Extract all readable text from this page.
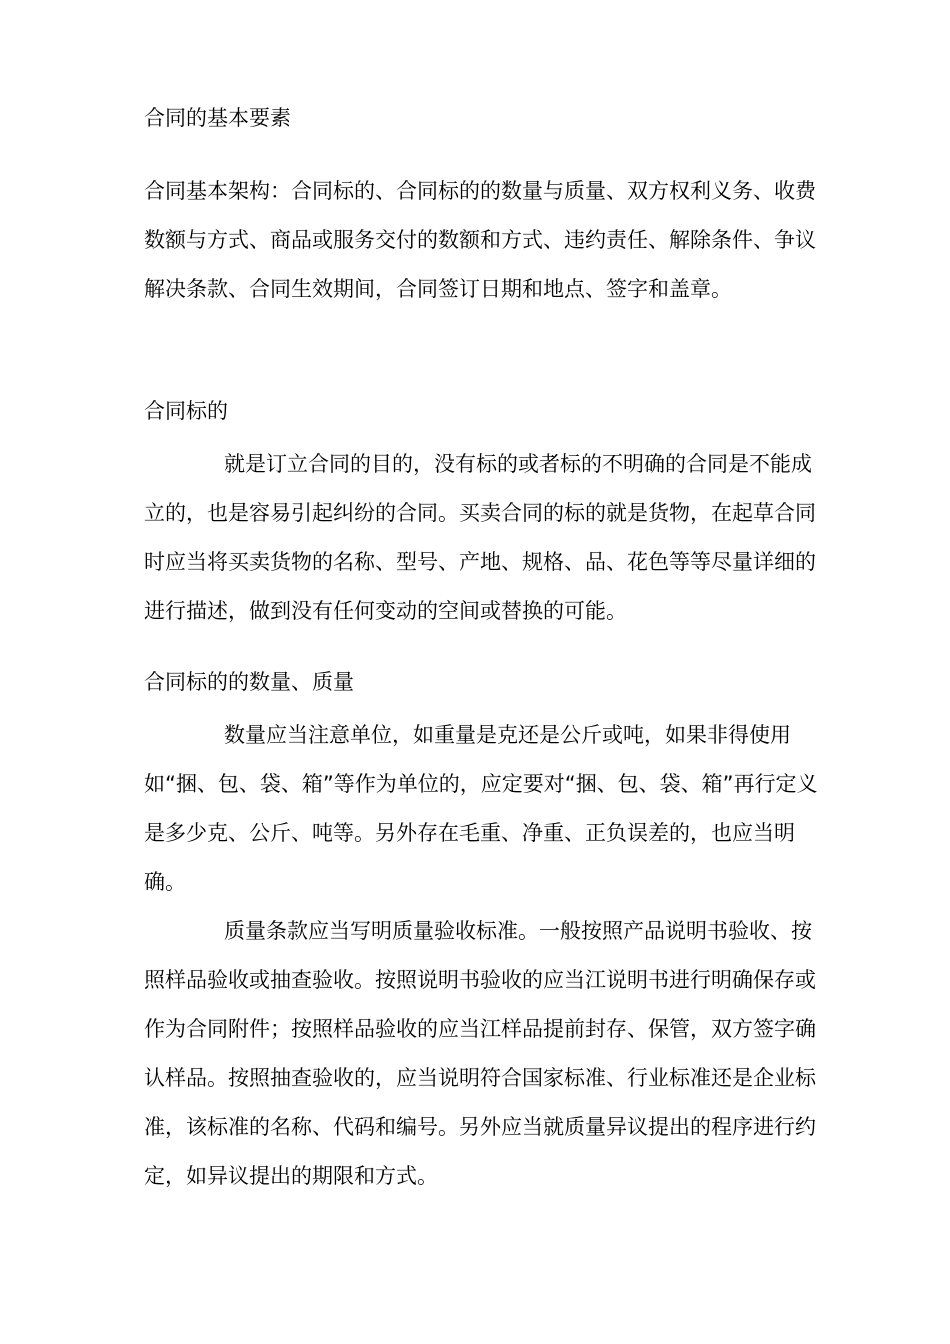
合同的基本要素

合同基本架构：合同标的、合同标的的数量与质量、双方权利义务、收费数额与方式、商品或服务交付的数额和方式、违约责任、解除条件、争议解决条款、合同生效期间，合同签订日期和地点、签字和盖章。

合同标的

就是订立合同的目的，没有标的或者标的不明确的合同是不能成立的，也是容易引起纠纷的合同。买卖合同的标的就是货物，在起草合同时应当将买卖货物的名称、型号、产地、规格、品、花色等等尽量详细的进行描述，做到没有任何变动的空间或替换的可能。

合同标的的数量、质量

数量应当注意单位，如重量是克还是公斤或吨，如果非得使用如“捆、包、袋、箱”等作为单位的，应定要对“捆、包、袋、箱”再行定义是多少克、公斤、吨等。另外存在毛重、净重、正负误差的，也应当明确。

质量条款应当写明质量验收标准。一般按照产品说明书验收、按照样品验收或抽查验收。按照说明书验收的应当江说明书进行明确保存或作为合同附件；按照样品验收的应当江样品提前封存、保管，双方签字确认样品。按照抽查验收的，应当说明符合国家标准、行业标准还是企业标准，该标准的名称、代码和编号。另外应当就质量异议提出的程序进行约定，如异议提出的期限和方式。
